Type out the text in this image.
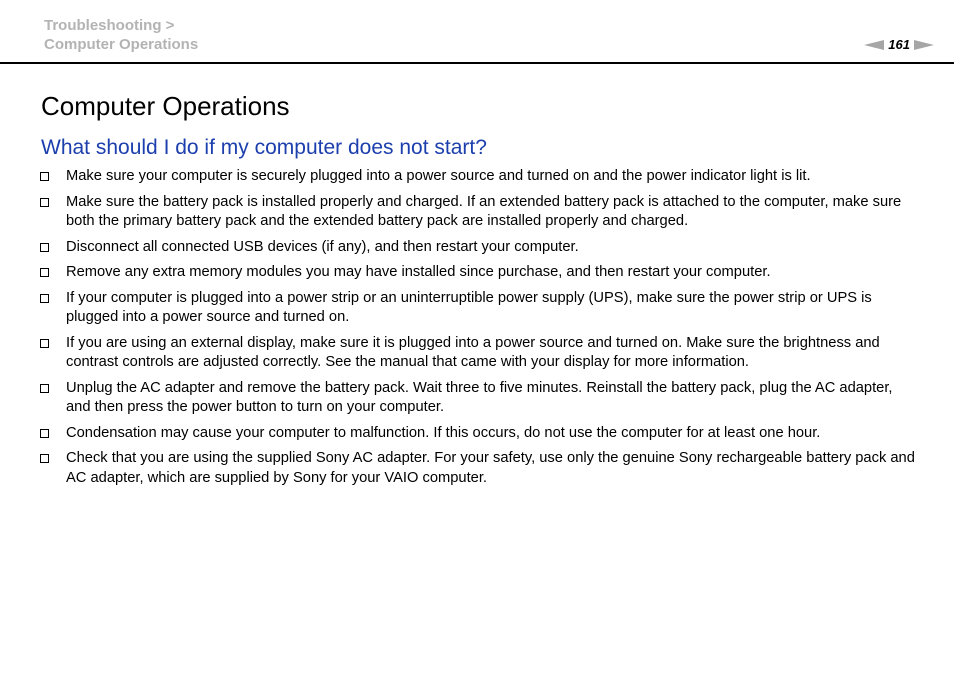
Troubleshooting >
Computer Operations	161
Computer Operations
What should I do if my computer does not start?
Make sure your computer is securely plugged into a power source and turned on and the power indicator light is lit.
Make sure the battery pack is installed properly and charged. If an extended battery pack is attached to the computer, make sure both the primary battery pack and the extended battery pack are installed properly and charged.
Disconnect all connected USB devices (if any), and then restart your computer.
Remove any extra memory modules you may have installed since purchase, and then restart your computer.
If your computer is plugged into a power strip or an uninterruptible power supply (UPS), make sure the power strip or UPS is plugged into a power source and turned on.
If you are using an external display, make sure it is plugged into a power source and turned on. Make sure the brightness and contrast controls are adjusted correctly. See the manual that came with your display for more information.
Unplug the AC adapter and remove the battery pack. Wait three to five minutes. Reinstall the battery pack, plug the AC adapter, and then press the power button to turn on your computer.
Condensation may cause your computer to malfunction. If this occurs, do not use the computer for at least one hour.
Check that you are using the supplied Sony AC adapter. For your safety, use only the genuine Sony rechargeable battery pack and AC adapter, which are supplied by Sony for your VAIO computer.
